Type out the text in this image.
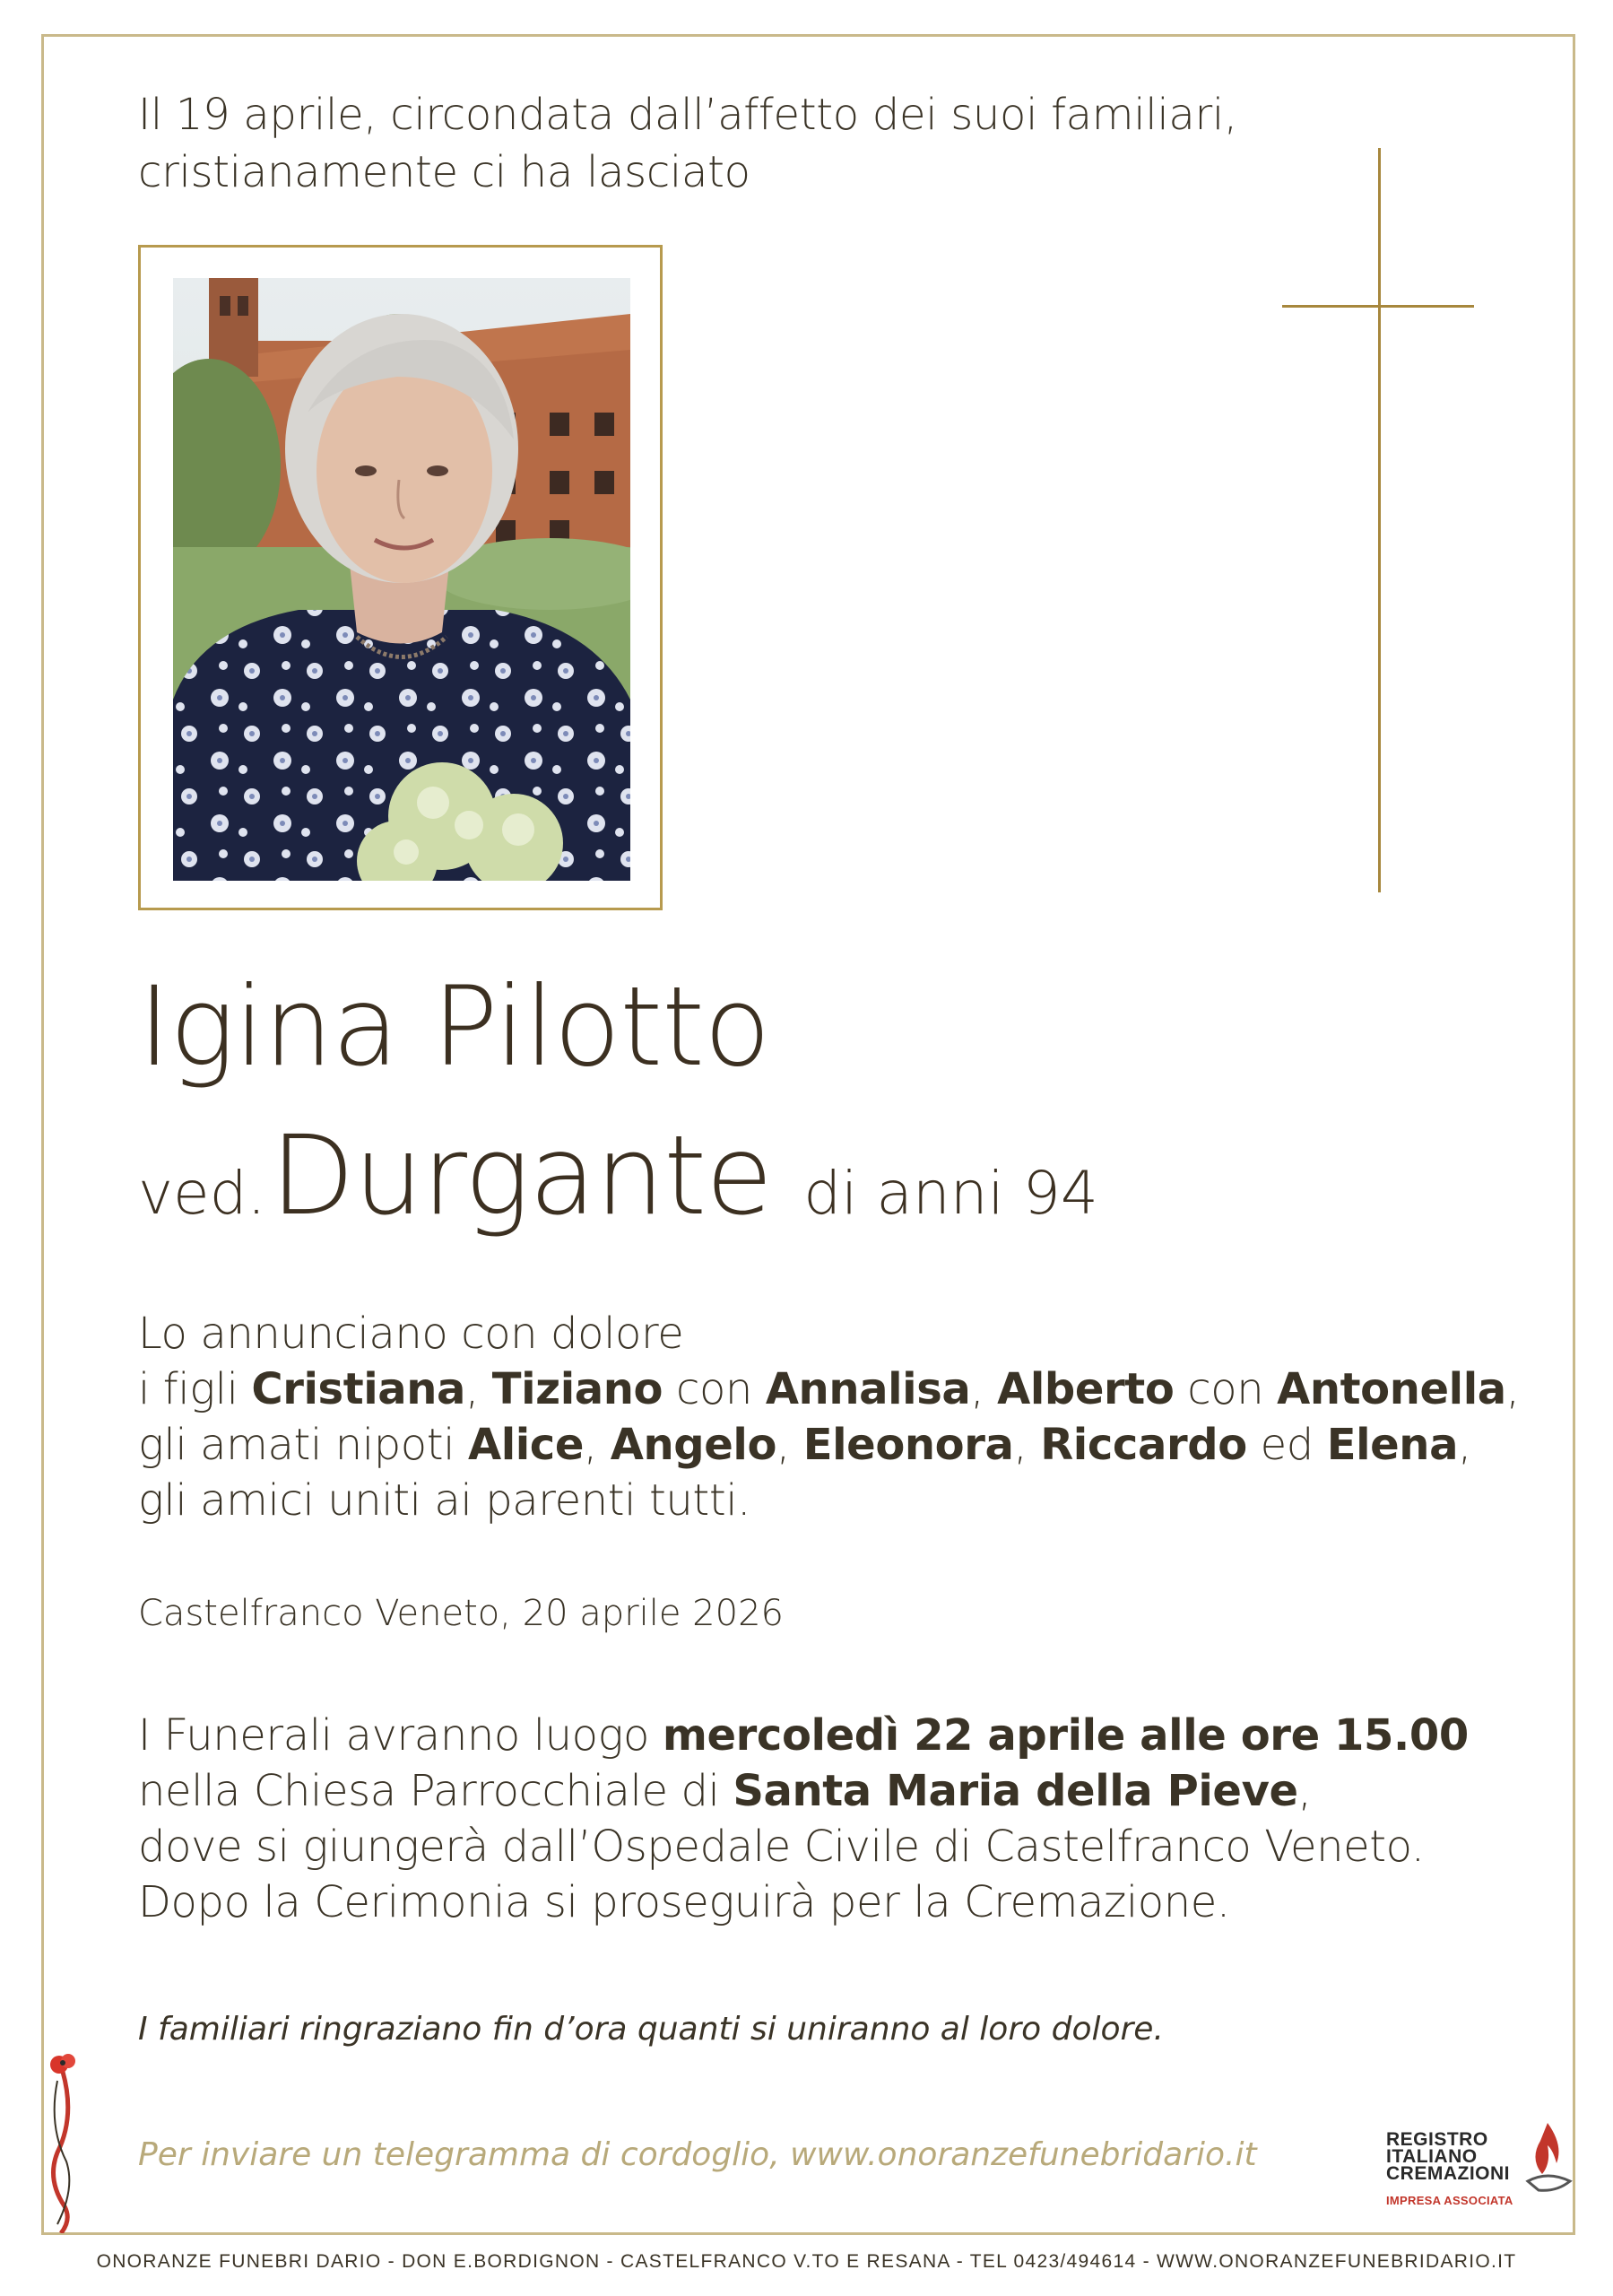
Il 19 aprile, circondata dall’affetto dei suoi familiari,
cristianamente ci ha lasciato
Igina Pilotto
ved. Durgante di anni 94
Lo annunciano con dolore
i figli Cristiana, Tiziano con Annalisa, Alberto con Antonella,
gli amati nipoti Alice, Angelo, Eleonora, Riccardo ed Elena,
gli amici uniti ai parenti tutti.
Castelfranco Veneto, 20 aprile 2026
I Funerali avranno luogo mercoledì 22 aprile alle ore 15.00
nella Chiesa Parrocchiale di Santa Maria della Pieve,
dove si giungerà dall’Ospedale Civile di Castelfranco Veneto.
Dopo la Cerimonia si proseguirà per la Cremazione.
I familiari ringraziano fin d’ora quanti si uniranno al loro dolore.
Per inviare un telegramma di cordoglio, www.onoranzefunebridario.it	REGISTRO
ITALIANO
CREMAZIONI
IMPRESA ASSOCIATA
ONORANZE FUNEBRI DARIO - DON E.BORDIGNON - CASTELFRANCO V.TO E RESANA - TEL 0423/494614 - WWW.ONORANZEFUNEBRIDARIO.IT
